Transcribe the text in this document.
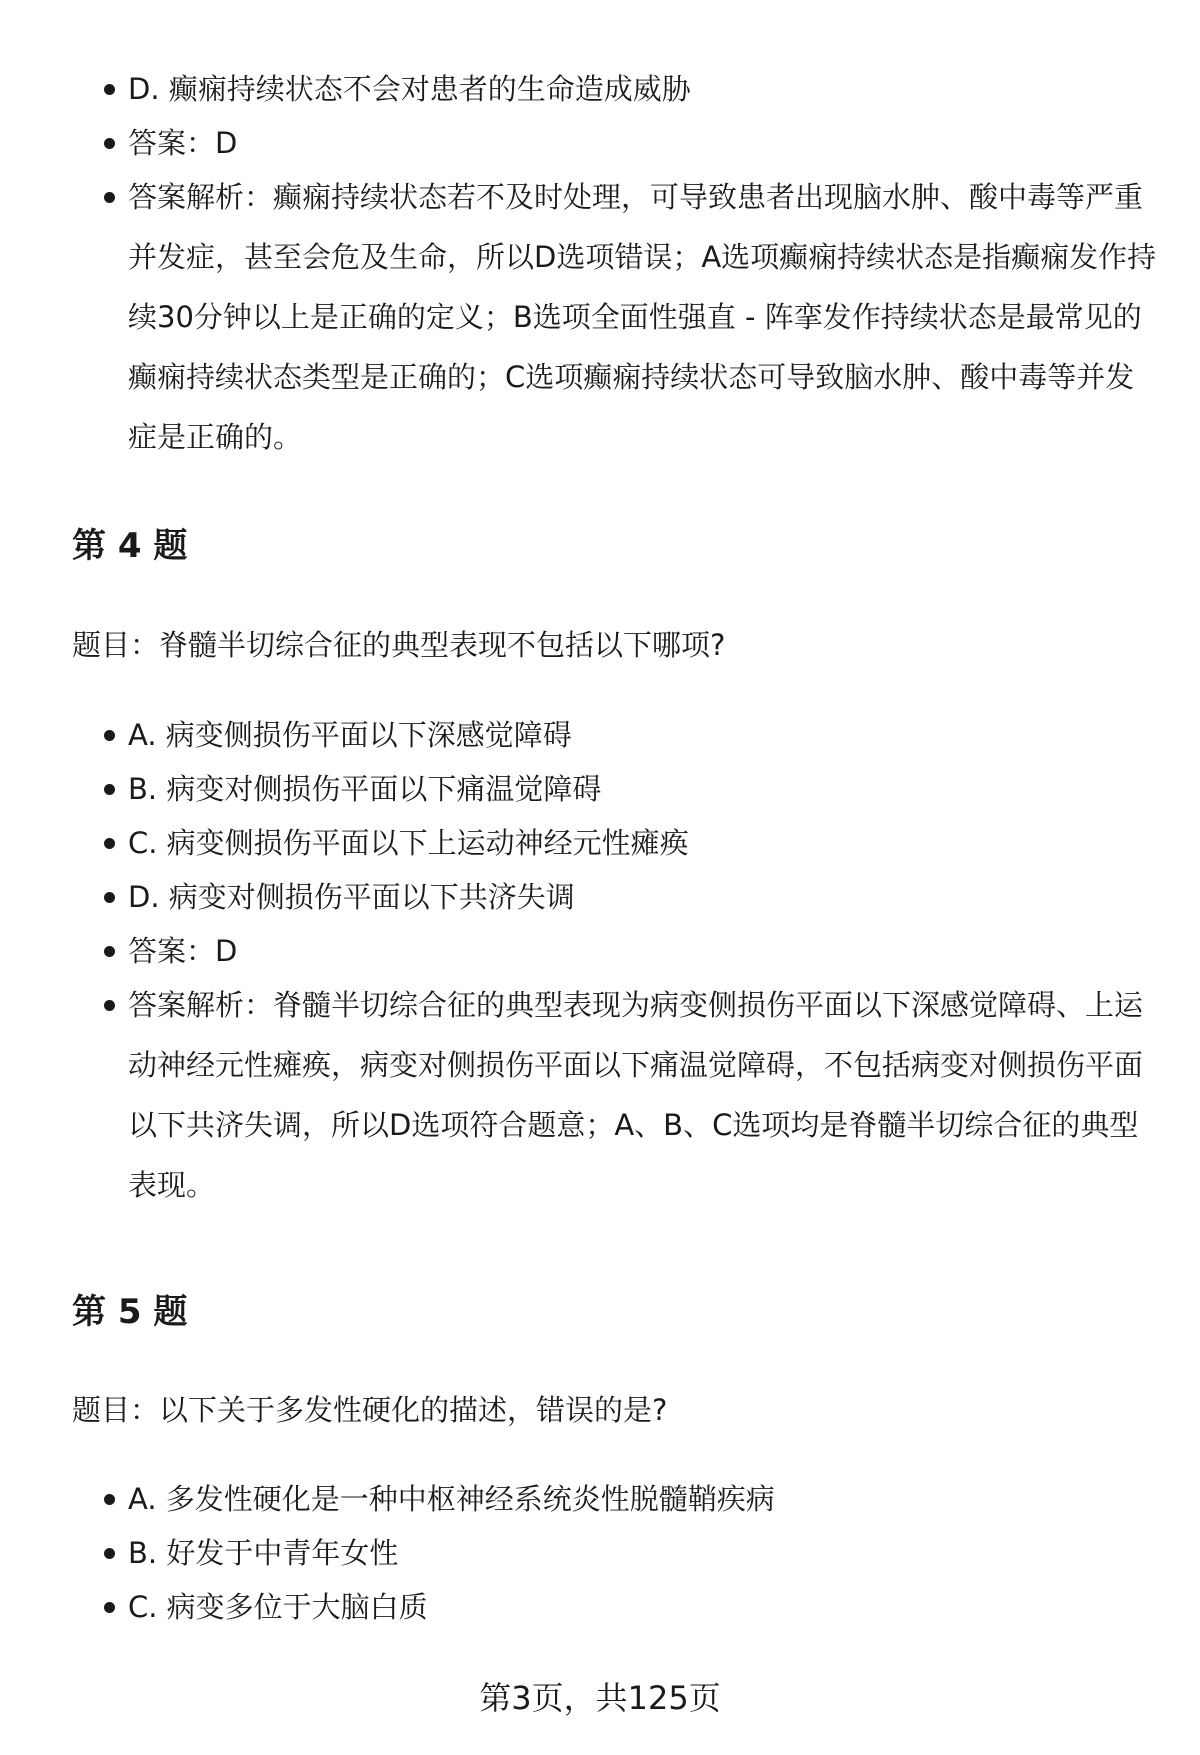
D. 癫痫持续状态不会对患者的生命造成威胁
答案：D
答案解析：癫痫持续状态若不及时处理，可导致患者出现脑水肿、酸中毒等严重并发症，甚至会危及生命，所以D选项错误；A选项癫痫持续状态是指癫痫发作持续30分钟以上是正确的定义；B选项全面性强直 - 阵挛发作持续状态是最常见的癫痫持续状态类型是正确的；C选项癫痫持续状态可导致脑水肿、酸中毒等并发症是正确的。
第 4 题

题目：脊髓半切综合征的典型表现不包括以下哪项?

A. 病变侧损伤平面以下深感觉障碍
B. 病变对侧损伤平面以下痛温觉障碍
C. 病变侧损伤平面以下上运动神经元性瘫痪
D. 病变对侧损伤平面以下共济失调
答案：D
答案解析：脊髓半切综合征的典型表现为病变侧损伤平面以下深感觉障碍、上运动神经元性瘫痪，病变对侧损伤平面以下痛温觉障碍，不包括病变对侧损伤平面以下共济失调，所以D选项符合题意；A、B、C选项均是脊髓半切综合征的典型表现。
第 5 题

题目：以下关于多发性硬化的描述，错误的是?

A. 多发性硬化是一种中枢神经系统炎性脱髓鞘疾病
B. 好发于中青年女性
C. 病变多位于大脑白质
第3页，共125页
